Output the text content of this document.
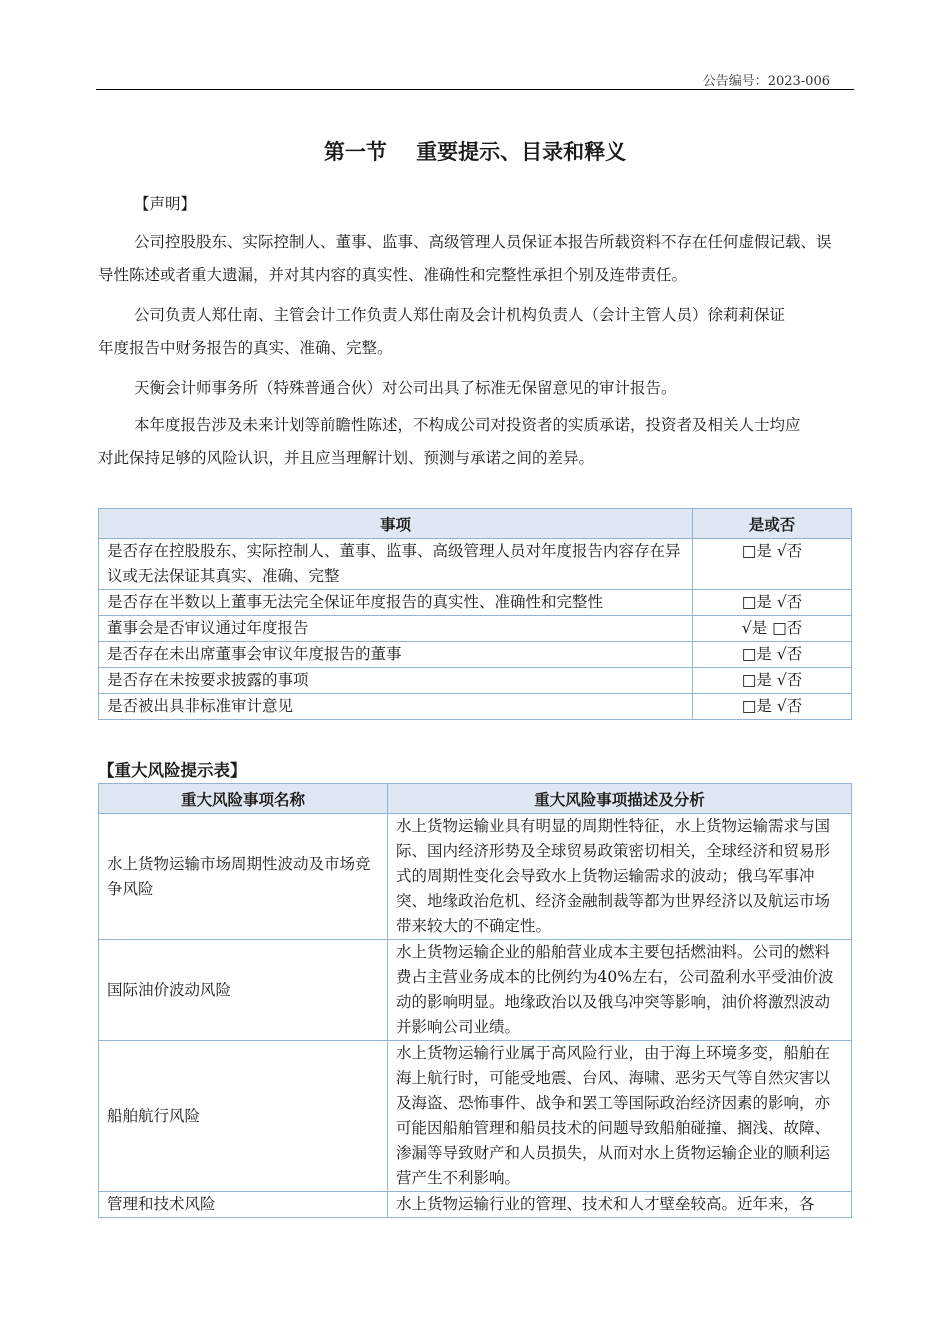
公告编号：2023-006
第一节    重要提示、目录和释义
【声明】
公司控股股东、实际控制人、董事、监事、高级管理人员保证本报告所载资料不存在任何虚假记载、误
导性陈述或者重大遗漏，并对其内容的真实性、准确性和完整性承担个别及连带责任。
公司负责人郑仕南、主管会计工作负责人郑仕南及会计机构负责人（会计主管人员）徐莉莉保证
年度报告中财务报告的真实、准确、完整。
天衡会计师事务所（特殊普通合伙）对公司出具了标准无保留意见的审计报告。
本年度报告涉及未来计划等前瞻性陈述，不构成公司对投资者的实质承诺，投资者及相关人士均应
对此保持足够的风险认识，并且应当理解计划、预测与承诺之间的差异。
事项	是或否
是否存在控股股东、实际控制人、董事、监事、高级管理人员对年度报告内容存在异议或无法保证其真实、准确、完整	□是 √否
是否存在半数以上董事无法完全保证年度报告的真实性、准确性和完整性	□是 √否
董事会是否审议通过年度报告	√是 □否
是否存在未出席董事会审议年度报告的董事	□是 √否
是否存在未按要求披露的事项	□是 √否
是否被出具非标准审计意见	□是 √否
【重大风险提示表】
重大风险事项名称	重大风险事项描述及分析
水上货物运输市场周期性波动及市场竞争风险	水上货物运输业具有明显的周期性特征，水上货物运输需求与国际、国内经济形势及全球贸易政策密切相关，全球经济和贸易形式的周期性变化会导致水上货物运输需求的波动；俄乌军事冲突、地缘政治危机、经济金融制裁等都为世界经济以及航运市场带来较大的不确定性。
国际油价波动风险	水上货物运输企业的船舶营业成本主要包括燃油料。公司的燃料费占主营业务成本的比例约为40%左右，公司盈利水平受油价波动的影响明显。地缘政治以及俄乌冲突等影响，油价将激烈波动并影响公司业绩。
船舶航行风险	水上货物运输行业属于高风险行业，由于海上环境多变，船舶在海上航行时，可能受地震、台风、海啸、恶劣天气等自然灾害以及海盗、恐怖事件、战争和罢工等国际政治经济因素的影响，亦可能因船舶管理和船员技术的问题导致船舶碰撞、搁浅、故障、渗漏等导致财产和人员损失，从而对水上货物运输企业的顺利运营产生不利影响。
管理和技术风险	水上货物运输行业的管理、技术和人才壁垒较高。近年来，各
